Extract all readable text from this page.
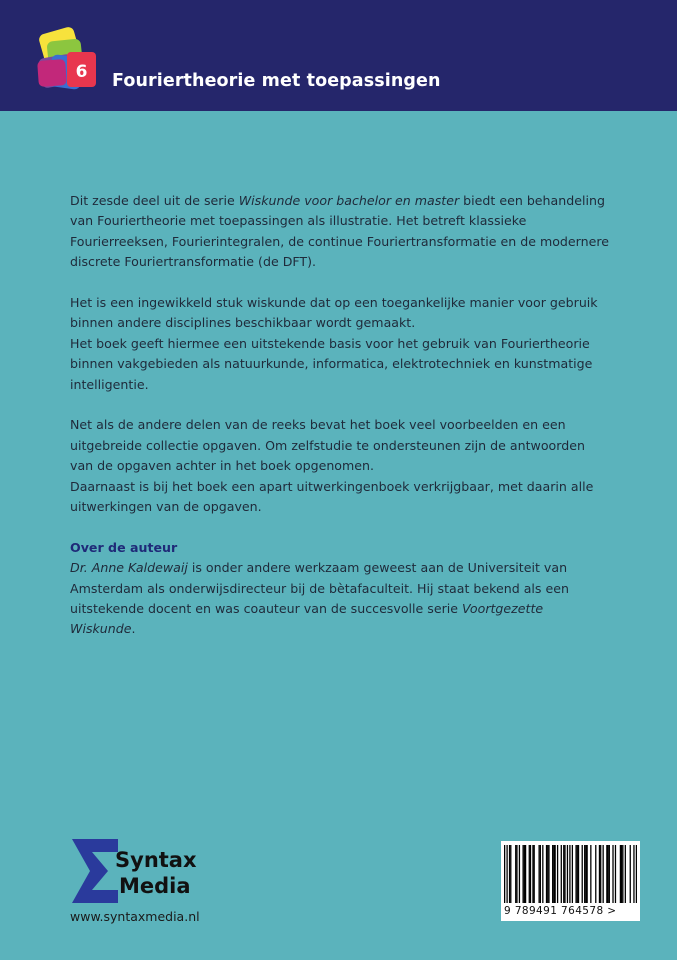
6 Fouriertheorie met toepassingen

Dit zesde deel uit de serie Wiskunde voor bachelor en master biedt een behandeling van Fouriertheorie met toepassingen als illustratie. Het betreft klassieke Fourierreeksen, Fourierintegralen, de continue Fouriertransformatie en de modernere discrete Fouriertransformatie (de DFT).

Het is een ingewikkeld stuk wiskunde dat op een toegankelijke manier voor gebruik binnen andere disciplines beschikbaar wordt gemaakt.
Het boek geeft hiermee een uitstekende basis voor het gebruik van Fouriertheorie binnen vakgebieden als natuurkunde, informatica, elektrotechniek en kunstmatige intelligentie.

Net als de andere delen van de reeks bevat het boek veel voorbeelden en een uitgebreide collectie opgaven. Om zelfstudie te ondersteunen zijn de antwoorden van de opgaven achter in het boek opgenomen.
Daarnaast is bij het boek een apart uitwerkingenboek verkrijgbaar, met daarin alle uitwerkingen van de opgaven.

Over de auteur

Dr. Anne Kaldewaij is onder andere werkzaam geweest aan de Universiteit van Amsterdam als onderwijsdirecteur bij de bètafaculteit. Hij staat bekend als een uitstekende docent en was coauteur van de succesvolle serie Voortgezette Wiskunde.

Syntax
Media
www.syntaxmedia.nl	9 789491 764578 >
